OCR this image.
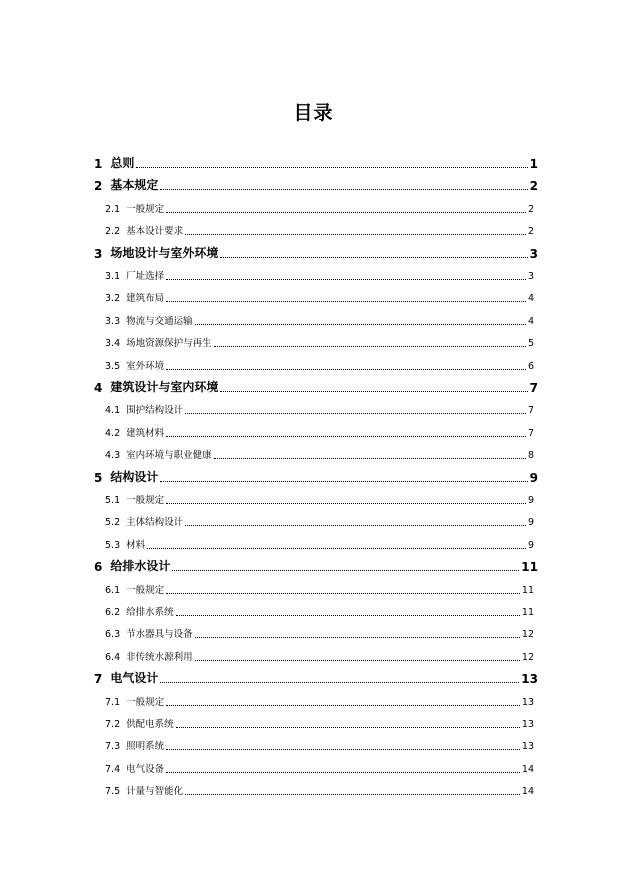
目录
1 总则	1
2 基本规定	2
2.1 一般规定	2
2.2 基本设计要求	2
3 场地设计与室外环境	3
3.1 厂址选择	3
3.2 建筑布局	4
3.3 物流与交通运输	4
3.4 场地资源保护与再生	5
3.5 室外环境	6
4 建筑设计与室内环境	7
4.1 围护结构设计	7
4.2 建筑材料	7
4.3 室内环境与职业健康	8
5 结构设计	9
5.1 一般规定	9
5.2 主体结构设计	9
5.3 材料	9
6 给排水设计	11
6.1 一般规定	11
6.2 给排水系统	11
6.3 节水器具与设备	12
6.4 非传统水源利用	12
7 电气设计	13
7.1 一般规定	13
7.2 供配电系统	13
7.3 照明系统	13
7.4 电气设备	14
7.5 计量与智能化	14
